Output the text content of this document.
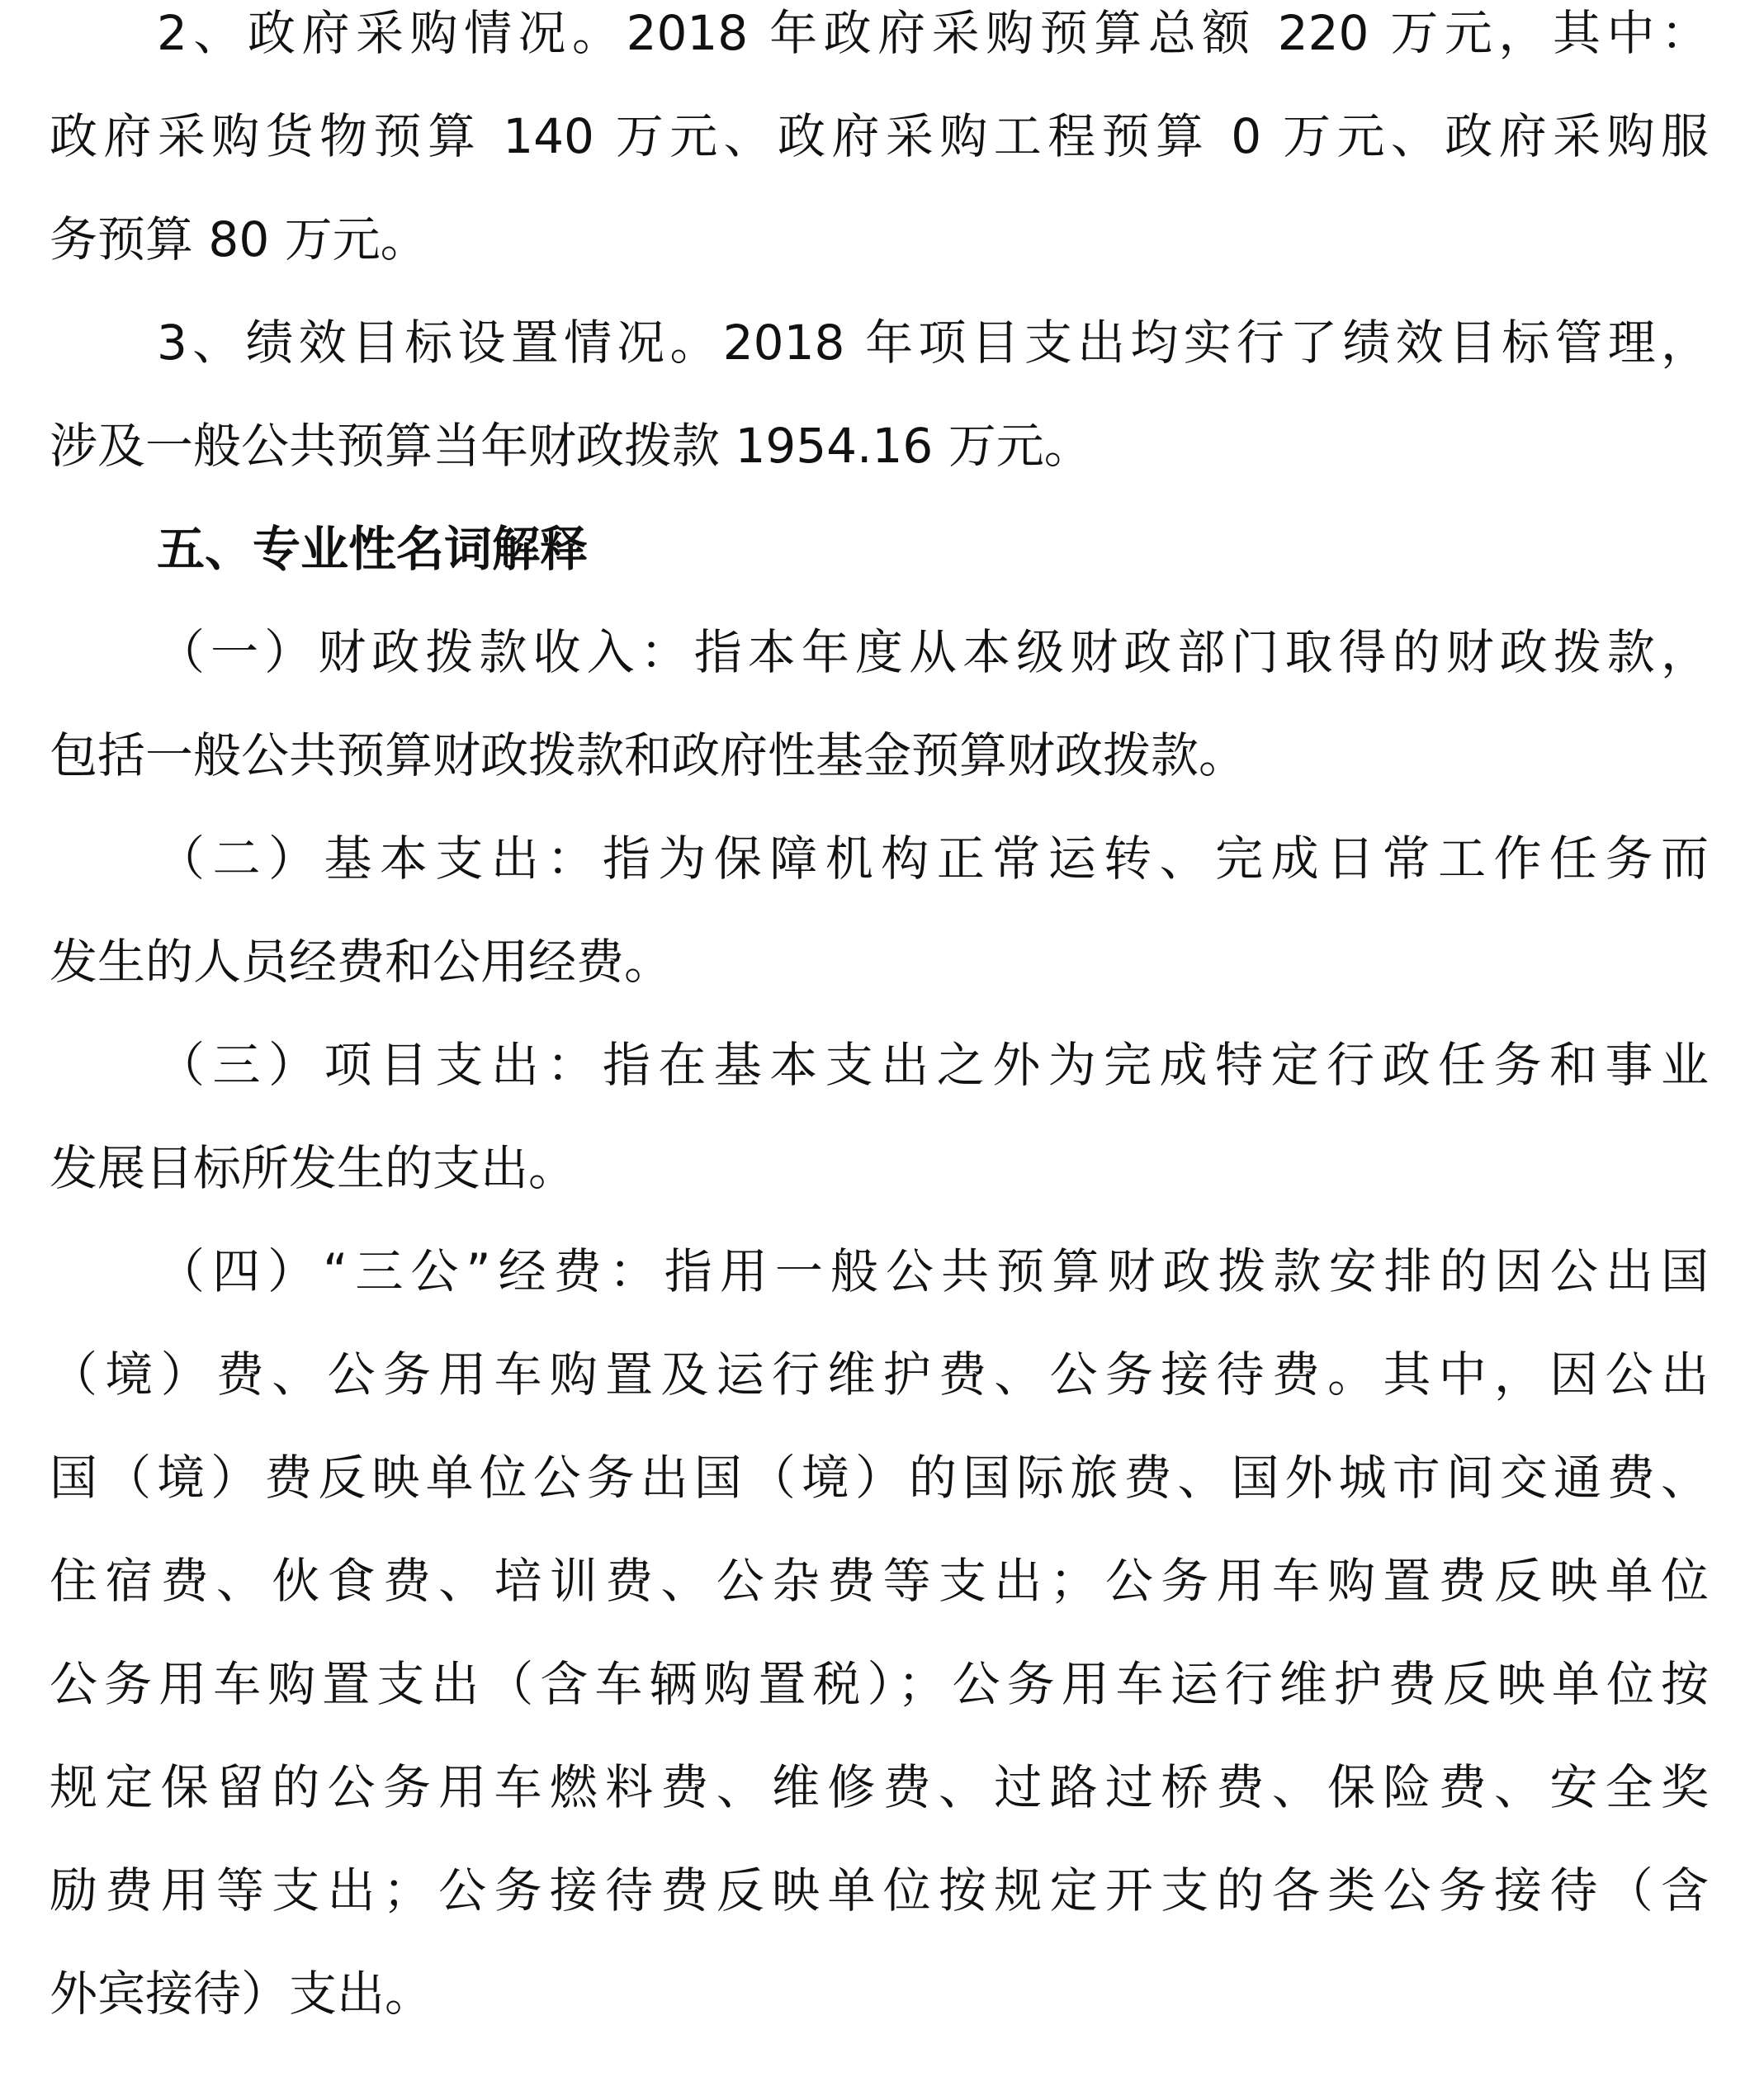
2、政府采购情况。2018 年政府采购预算总额 220 万元，其中：
政府采购货物预算 140 万元、政府采购工程预算 0 万元、政府采购服
务预算 80 万元。
3、绩效目标设置情况。2018 年项目支出均实行了绩效目标管理，
涉及一般公共预算当年财政拨款 1954.16 万元。
五、专业性名词解释
（一）财政拨款收入：指本年度从本级财政部门取得的财政拨款，
包括一般公共预算财政拨款和政府性基金预算财政拨款。
（二）基本支出：指为保障机构正常运转、完成日常工作任务而
发生的人员经费和公用经费。
（三）项目支出：指在基本支出之外为完成特定行政任务和事业
发展目标所发生的支出。
（四）“三公”经费：指用一般公共预算财政拨款安排的因公出国
（境）费、公务用车购置及运行维护费、公务接待费。其中，因公出
国（境）费反映单位公务出国（境）的国际旅费、国外城市间交通费、
住宿费、伙食费、培训费、公杂费等支出；公务用车购置费反映单位
公务用车购置支出（含车辆购置税）；公务用车运行维护费反映单位按
规定保留的公务用车燃料费、维修费、过路过桥费、保险费、安全奖
励费用等支出；公务接待费反映单位按规定开支的各类公务接待（含
外宾接待）支出。
